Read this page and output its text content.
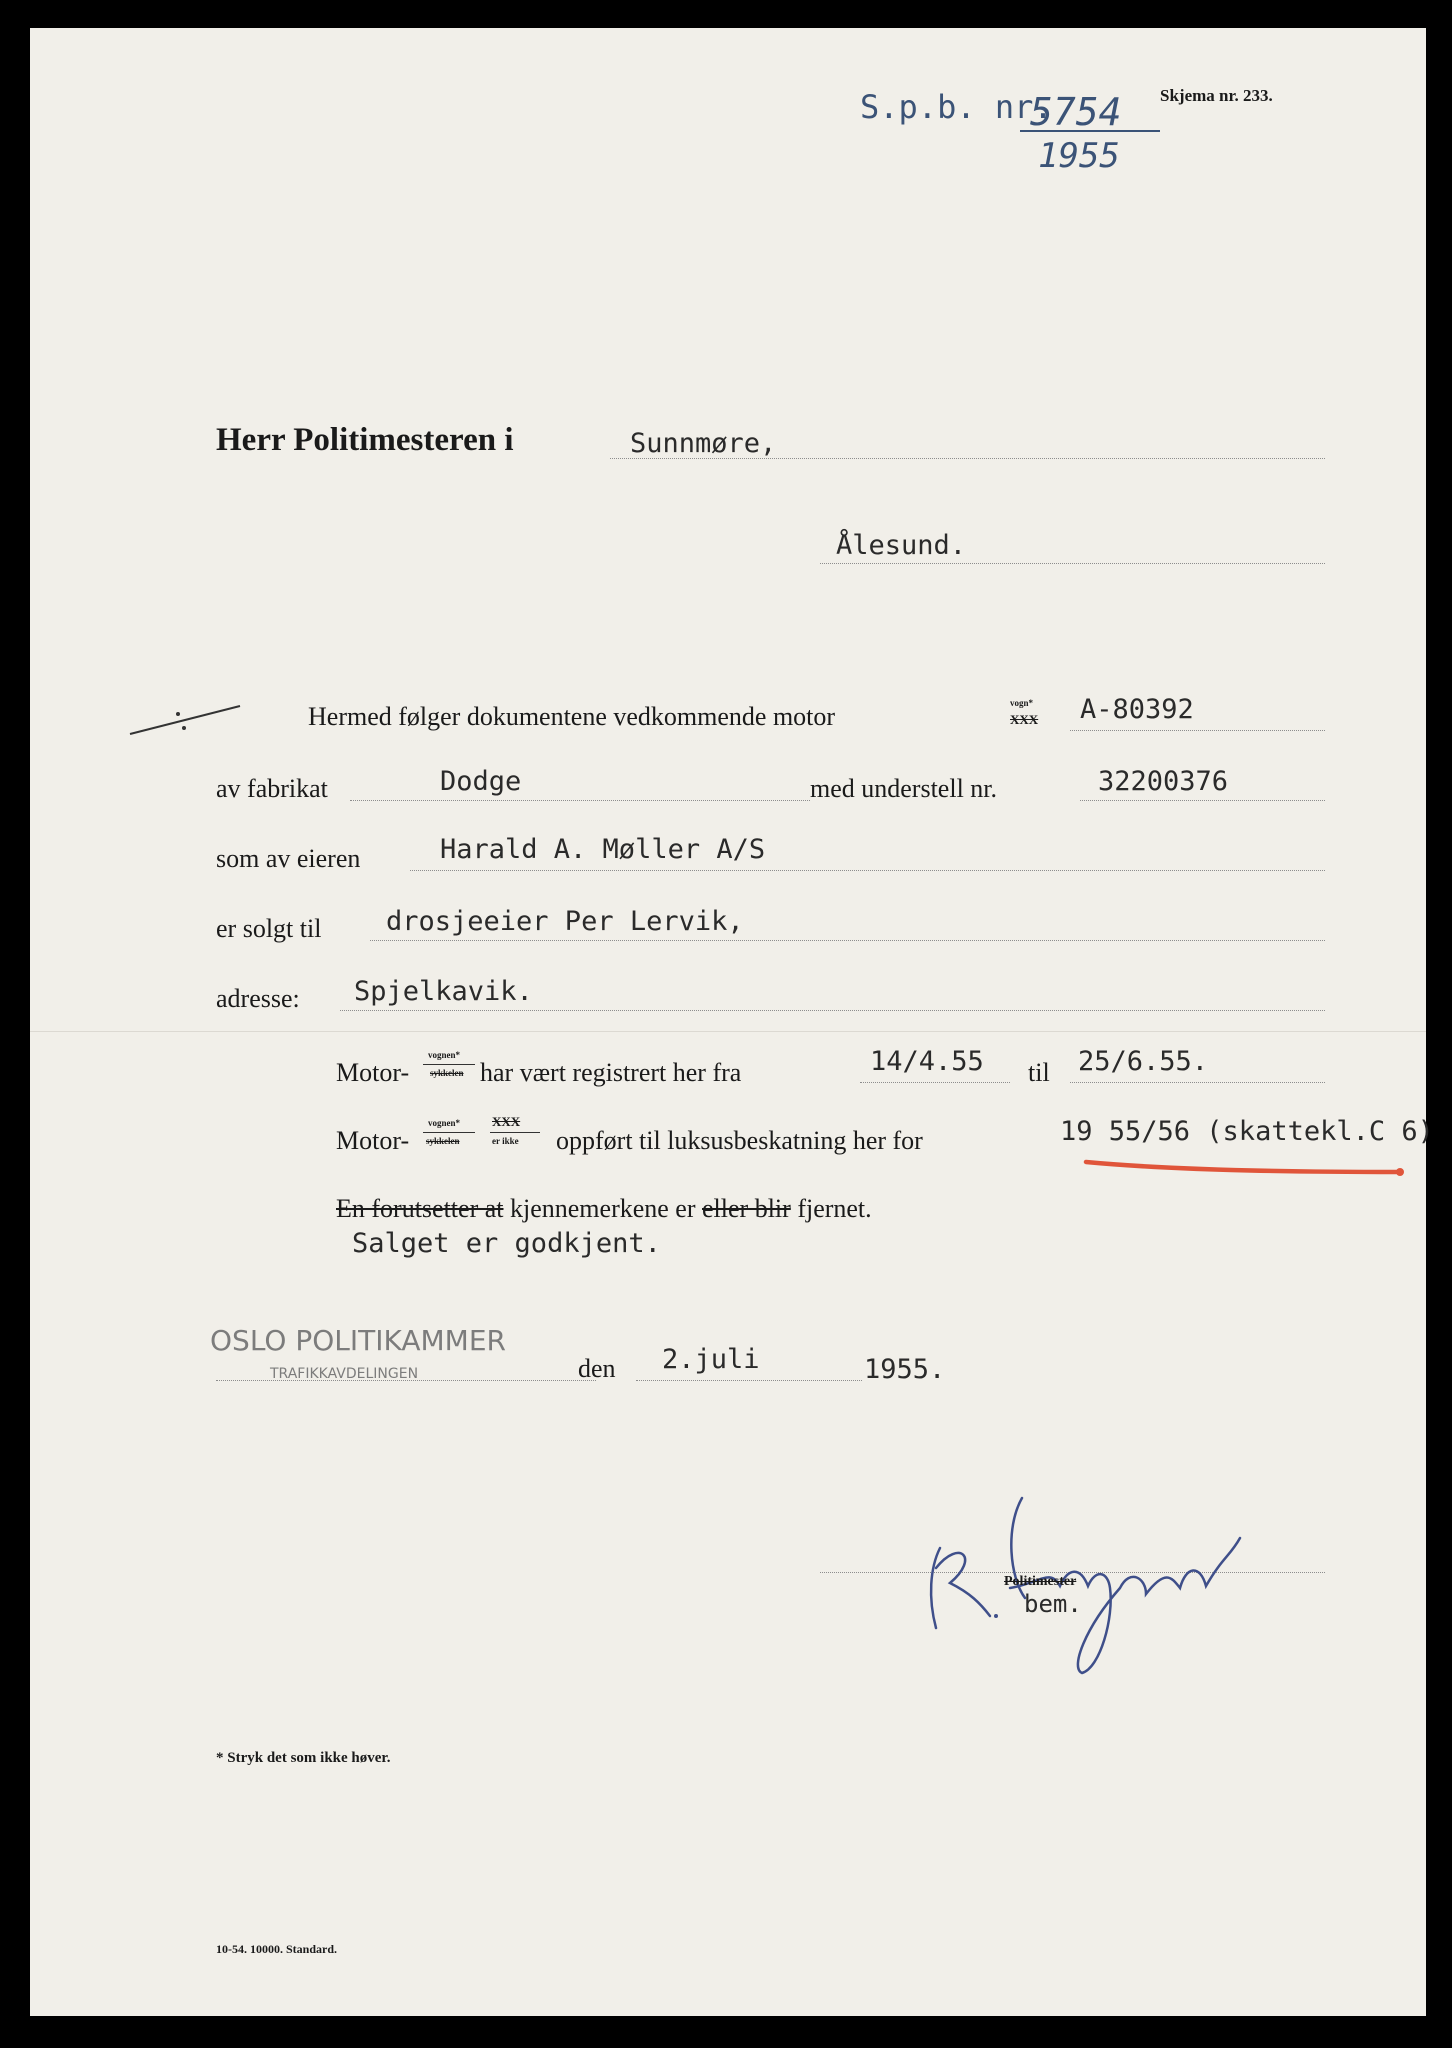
S.p.b. nr.
5754
1955
Skjema nr. 233.
Herr Politimesteren i	Sunnmøre,
Ålesund.
Hermed følger dokumentene vedkommende motor	vogn*
XXX A-80392
av fabrikat	Dodge	med understell nr.	32200376
som av eieren	Harald A. Møller A/S
er solgt til drosjeeier Per Lervik,
adresse: Spjelkavik.
Motor-
vognen*
sykkelen har vært registrert her fra	14/4.55 til 25/6.55.
Motor-
vognen*
sykkelen
XXX
er ikke oppført til luksusbeskatning her for	19 55/56 (skattekl.C 6)
En forutsetter at kjennemerkene er eller blir fjernet.
Salget er godkjent.
OSLO POLITIKAMMER
TRAFIKKAVDELINGEN	den 2.juli	1955.
Politimester
bem.
* Stryk det som ikke høver.
10-54. 10000. Standard.
